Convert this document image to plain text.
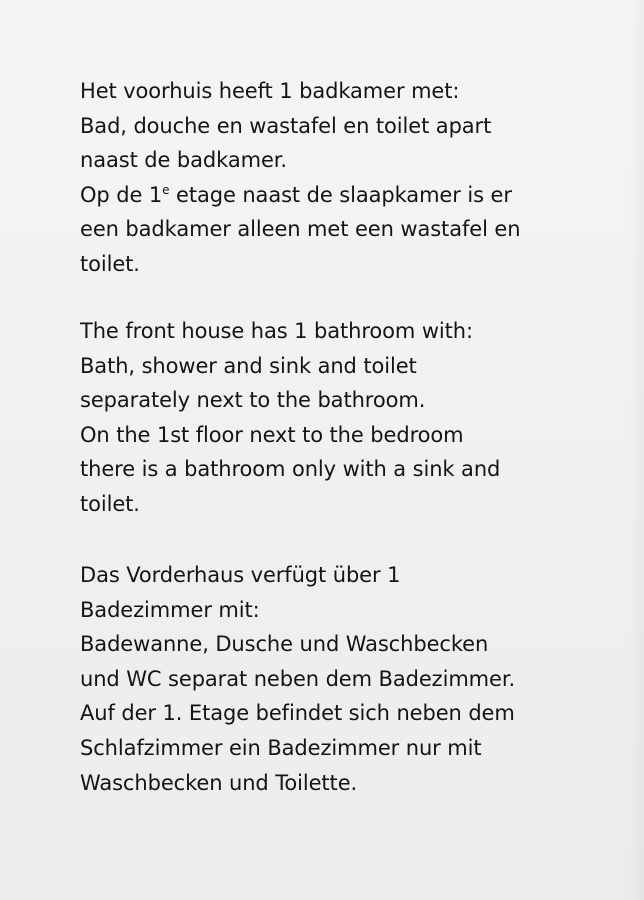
Het voorhuis heeft 1 badkamer met:
Bad, douche en wastafel en toilet apart
naast de badkamer.
Op de 1e etage naast de slaapkamer is er
een badkamer alleen met een wastafel en
toilet.

The front house has 1 bathroom with:
Bath, shower and sink and toilet
separately next to the bathroom.
On the 1st floor next to the bedroom
there is a bathroom only with a sink and
toilet.

Das Vorderhaus verfügt über 1
Badezimmer mit:
Badewanne, Dusche und Waschbecken
und WC separat neben dem Badezimmer.
Auf der 1. Etage befindet sich neben dem
Schlafzimmer ein Badezimmer nur mit
Waschbecken und Toilette.
